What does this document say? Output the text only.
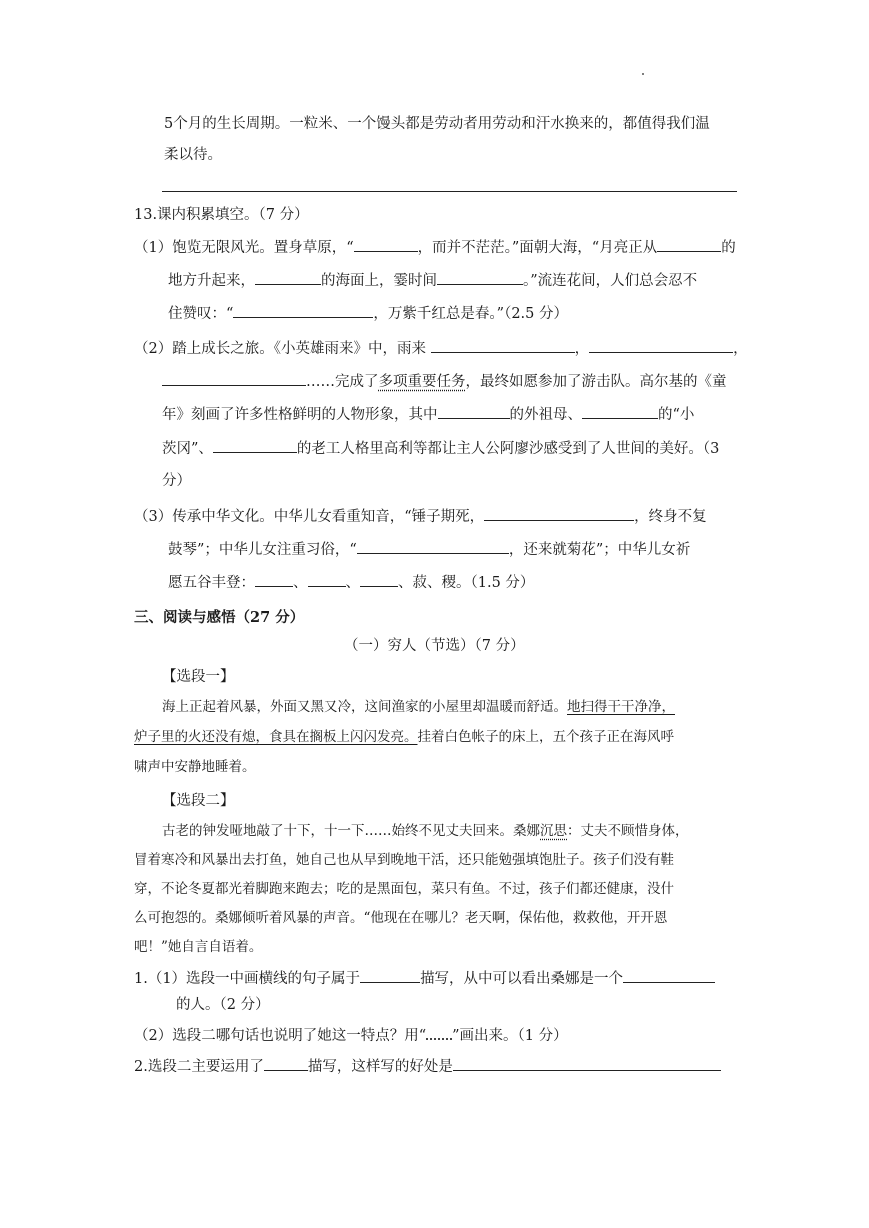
5个月的生长周期。一粒米、一个馒头都是劳动者用劳动和汗水换来的，都值得我们温
柔以待。
13.课内积累填空。（7 分）
（1）饱览无限风光。置身草原，“	，而并不茫茫。”面朝大海，“月亮正从	的
地方升起来，	的海面上，霎时间	。”流连花间，人们总会忍不
住赞叹：“	，万紫千红总是春。”（2.5 分）
（2）踏上成长之旅。《小英雄雨来》中，雨来	，	，
……完成了多项重要任务，最终如愿参加了游击队。高尔基的《童
年》刻画了许多性格鲜明的人物形象，其中	的外祖母、	的“小
茨冈”、	的老工人格里高利等都让主人公阿廖沙感受到了人世间的美好。（3
分）
（3）传承中华文化。中华儿女看重知音，“锤子期死，	，终身不复
鼓琴”；中华儿女注重习俗，“	，还来就菊花”；中华儿女祈
愿五谷丰登：	、	、	、菽、稷。（1.5 分）
三、阅读与感悟（27 分）
（一）穷人（节选）（7 分）
【选段一】
海上正起着风暴，外面又黑又冷，这间渔家的小屋里却温暖而舒适。地扫得干干净净，
炉子里的火还没有熄，食具在搁板上闪闪发亮。挂着白色帐子的床上，五个孩子正在海风呼
啸声中安静地睡着。
【选段二】
古老的钟发哑地敲了十下，十一下……始终不见丈夫回来。桑娜沉思：丈夫不顾惜身体，
冒着寒冷和风暴出去打鱼，她自己也从早到晚地干活，还只能勉强填饱肚子。孩子们没有鞋
穿，不论冬夏都光着脚跑来跑去；吃的是黑面包，菜只有鱼。不过，孩子们都还健康，没什
么可抱怨的。桑娜倾听着风暴的声音。“他现在在哪儿？老天啊，保佑他，救救他，开开恩
吧！”她自言自语着。
1.（1）选段一中画横线的句子属于	描写，从中可以看出桑娜是一个
的人。（2 分）
（2）选段二哪句话也说明了她这一特点？用“ ”画出来。（1 分）
2.选段二主要运用了	描写，这样写的好处是
